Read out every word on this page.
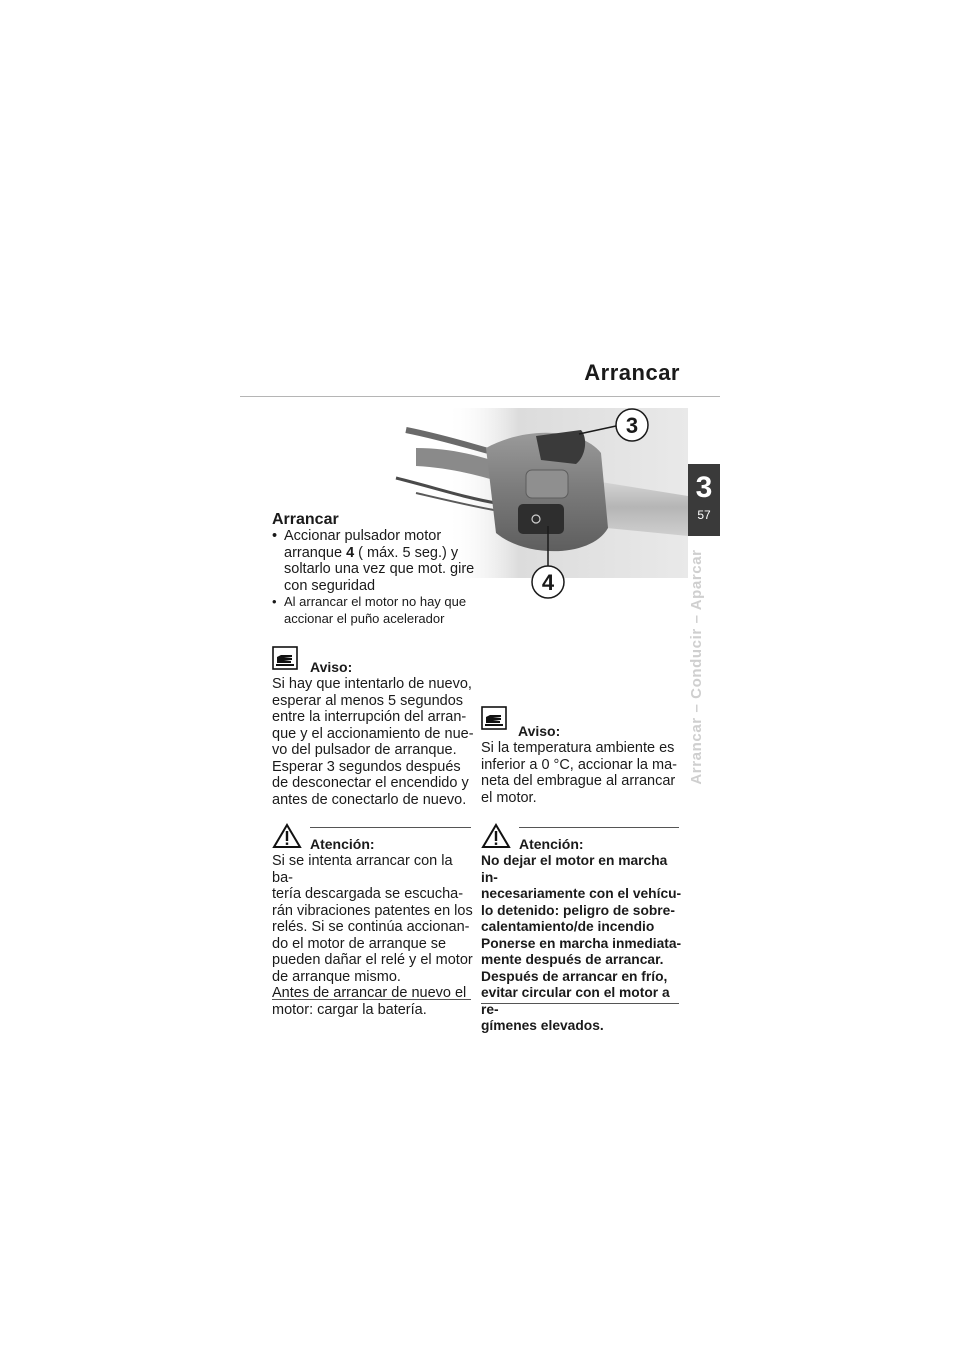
Arrancar
3
57
Arrancar – Conducir – Aparcar
3
4
Arrancar
• Accionar pulsador motor
arranque 4 ( máx. 5 seg.) y
soltarlo una vez que mot. gire
con seguridad
• Al arrancar el motor no hay que
accionar el puño acelerador
Aviso:
Si hay que intentarlo de nuevo,
esperar al menos 5 segundos
entre la interrupción del arran-
que y el accionamiento de nue-
vo del pulsador de arranque.
Esperar 3 segundos después
de desconectar el encendido y
antes de conectarlo de nuevo.
Aviso:
Si la temperatura ambiente es
inferior a 0 °C, accionar la ma-
neta del embrague al arrancar
el motor.
Atención:
Si se intenta arrancar con la ba-
tería descargada se escucha-
rán vibraciones patentes en los
relés. Si se continúa accionan-
do el motor de arranque se
pueden dañar el relé y el motor
de arranque mismo.
Antes de arrancar de nuevo el
motor: cargar la batería.
Atención:
No dejar el motor en marcha in-
necesariamente con el vehícu-
lo detenido: peligro de sobre-
calentamiento/de incendio
Ponerse en marcha inmediata-
mente después de arrancar.
Después de arrancar en frío,
evitar circular con el motor a re-
gímenes elevados.
